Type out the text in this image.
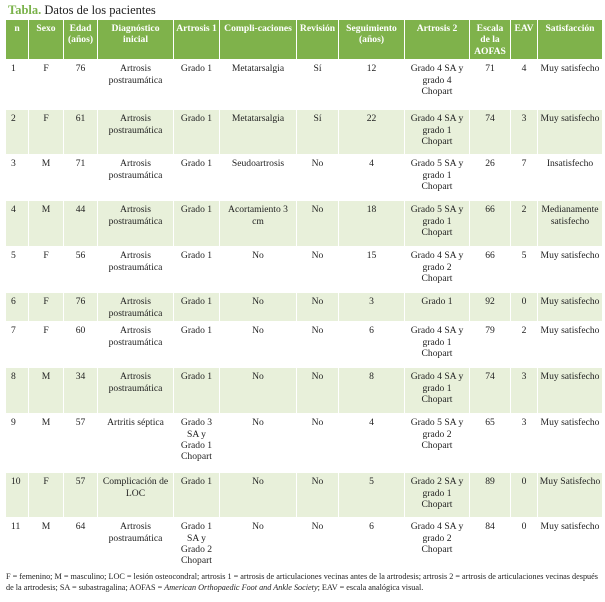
Tabla. Datos de los pacientes
n	Sexo	Edad (años)	Diagnóstico inicial	Artrosis 1	Compli-caciones	Revisión	Seguimiento (años)	Artrosis 2	Escala de la AOFAS	EAV	Satisfacción
1	F	76	Artrosis postraumática	Grado 1	Metatarsalgia	Sí	12	Grado 4 SA y grado 4 Chopart	71	4	Muy satisfecho
2	F	61	Artrosis postraumática	Grado 1	Metatarsalgia	Sí	22	Grado 4 SA y grado 1 Chopart	74	3	Muy satisfecho
3	M	71	Artrosis postraumática	Grado 1	Seudoartrosis	No	4	Grado 5 SA y grado 1 Chopart	26	7	Insatisfecho
4	M	44	Artrosis postraumática	Grado 1	Acortamiento 3 cm	No	18	Grado 5 SA y grado 1 Chopart	66	2	Medianamente satisfecho
5	F	56	Artrosis postraumática	Grado 1	No	No	15	Grado 4 SA y grado 2 Chopart	66	5	Muy satisfecho
6	F	76	Artrosis postraumática	Grado 1	No	No	3	Grado 1	92	0	Muy satisfecho
7	F	60	Artrosis postraumática	Grado 1	No	No	6	Grado 4 SA y grado 1 Chopart	79	2	Muy satisfecho
8	M	34	Artrosis postraumática	Grado 1	No	No	8	Grado 4 SA y grado 1 Chopart	74	3	Muy satisfecho
9	M	57	Artritis séptica	Grado 3 SA y Grado 1 Chopart	No	No	4	Grado 5 SA y grado 2 Chopart	65	3	Muy satisfecho
10	F	57	Complicación de LOC	Grado 1	No	No	5	Grado 2 SA y grado 1 Chopart	89	0	Muy Satisfecho
11	M	64	Artrosis postraumática	Grado 1 SA y Grado 2 Chopart	No	No	6	Grado 4 SA y grado 2 Chopart	84	0	Muy satisfecho
F = femenino; M = masculino; LOC = lesión osteocondral; artrosis 1 = artrosis de articulaciones vecinas antes de la artrodesis; artrosis 2 = artrosis de articulaciones vecinas después de la artrodesis; SA = subastragalina; AOFAS = American Orthopaedic Foot and Ankle Society; EAV = escala analógica visual.
